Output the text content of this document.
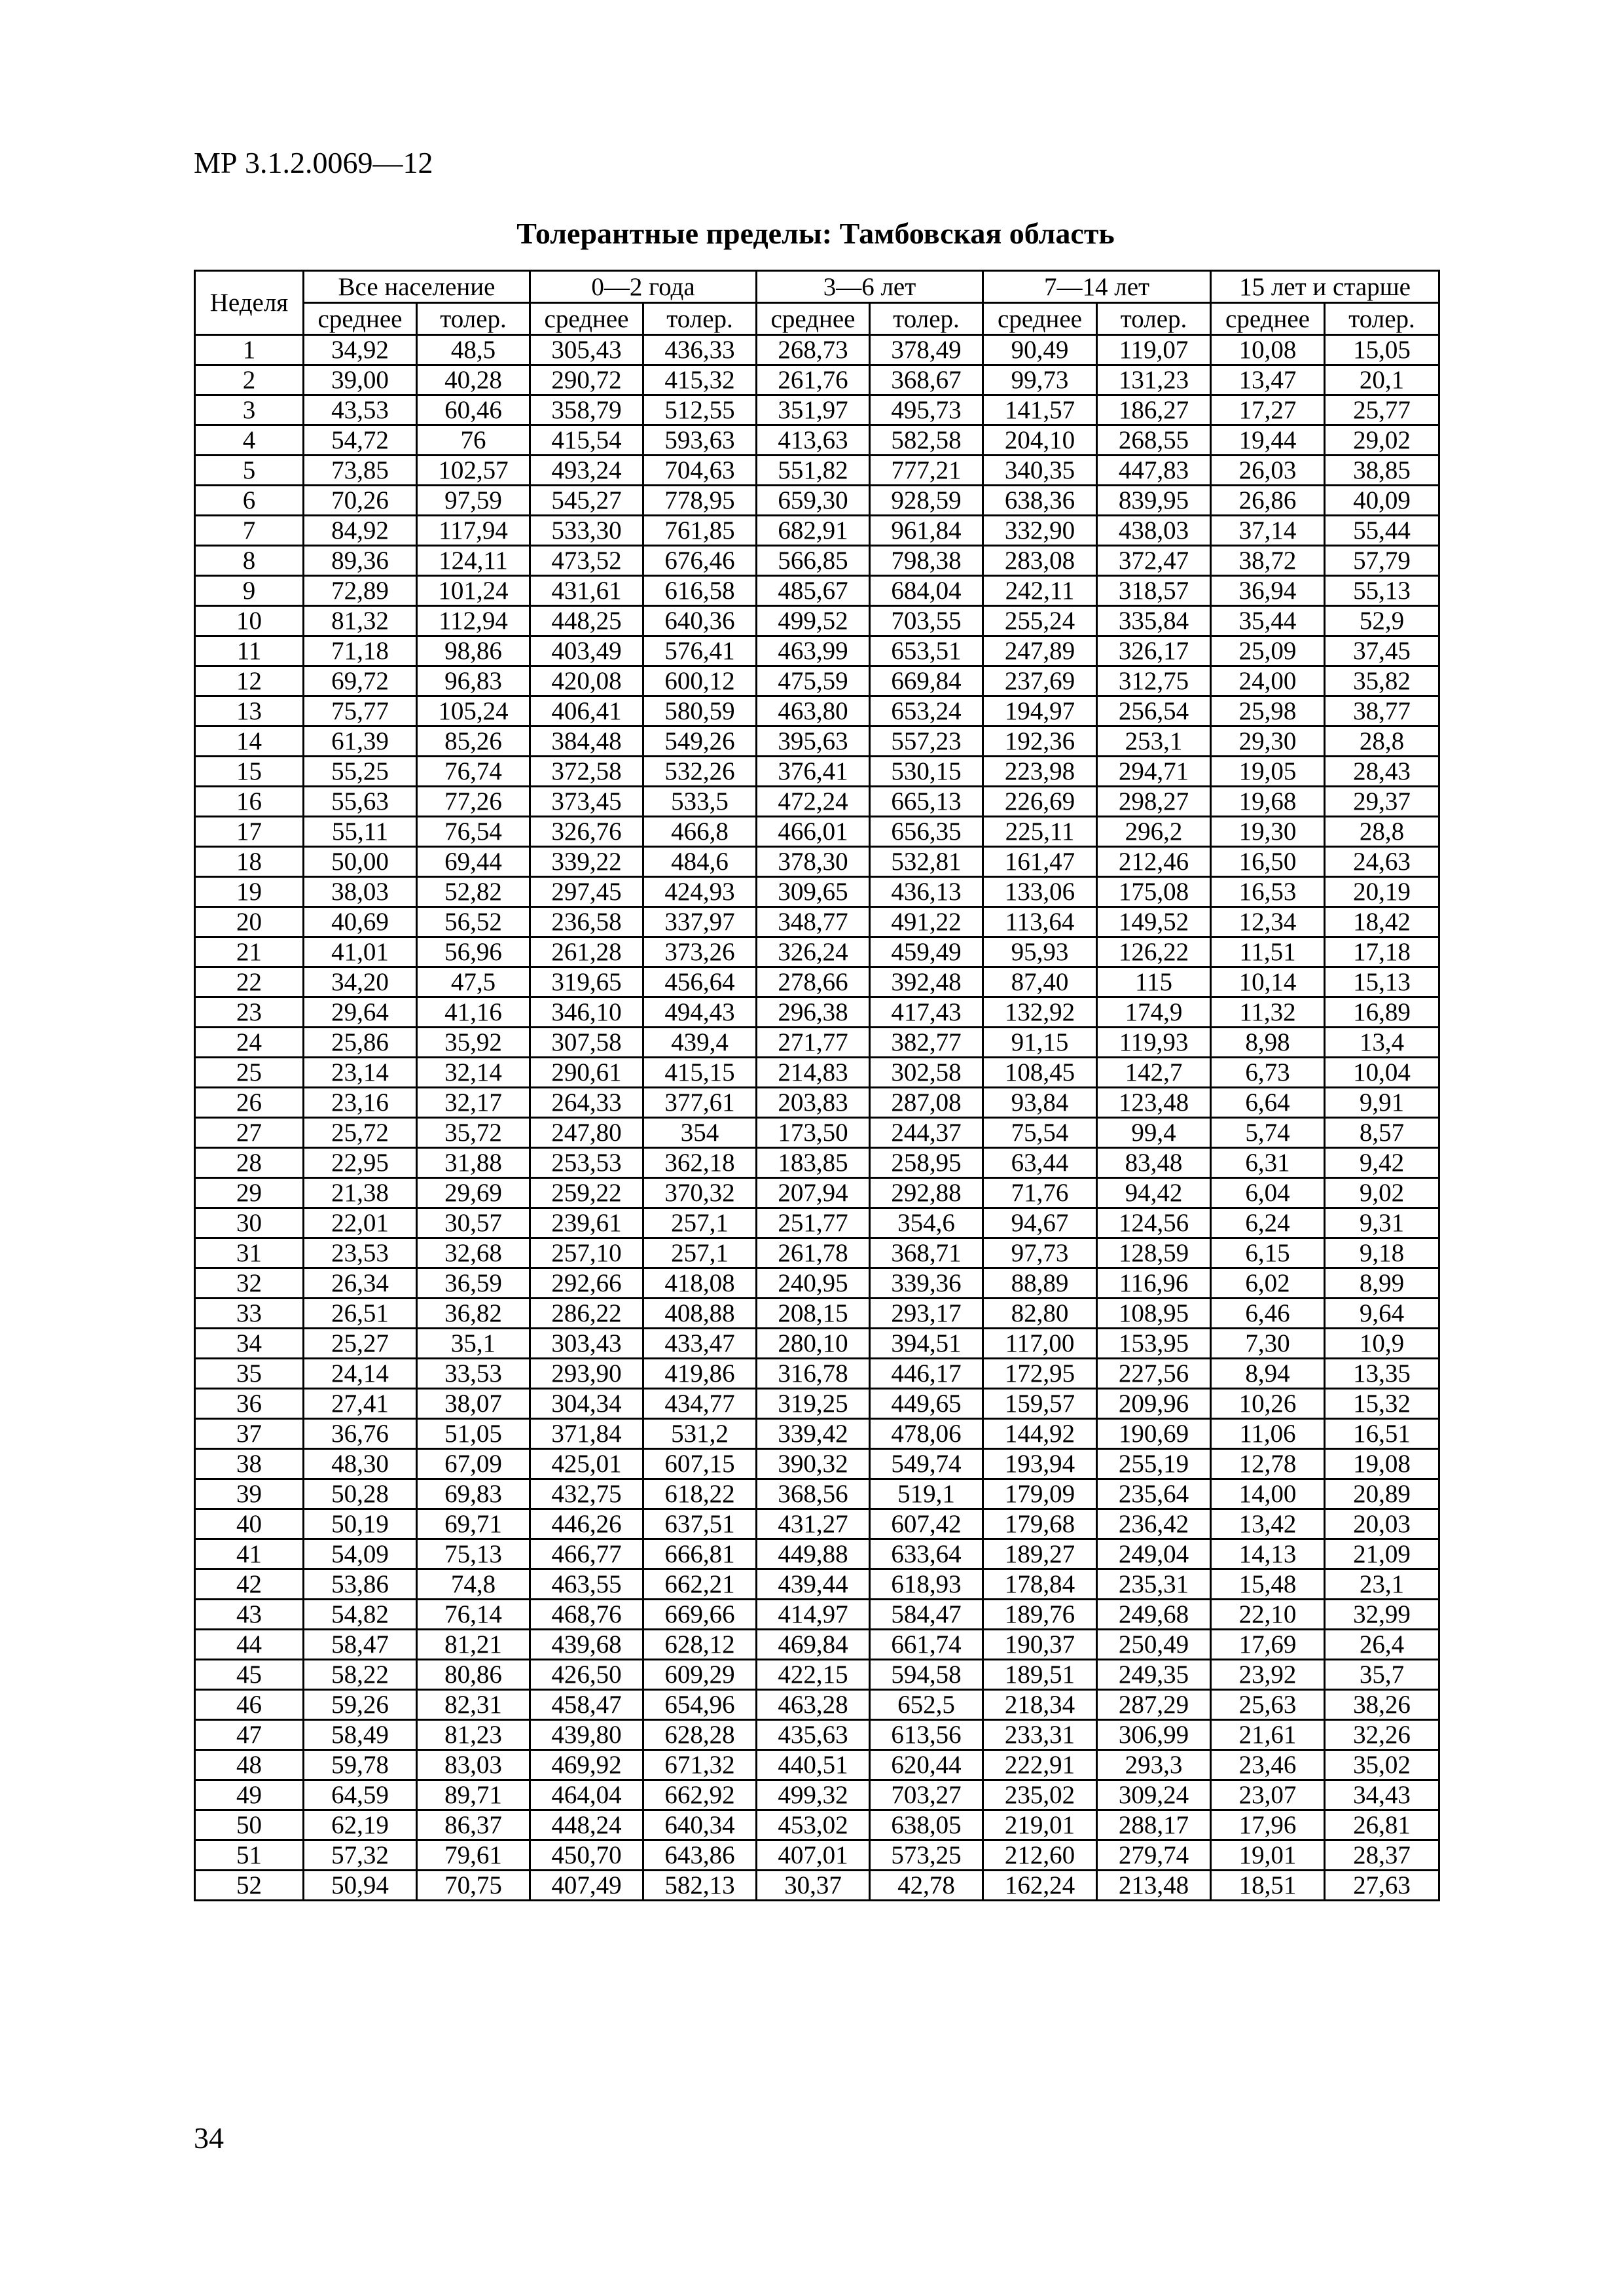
МР 3.1.2.0069—12
Толерантные пределы: Тамбовская область
Неделя	Все население		0—2 года		3—6 лет		7—14 лет		15 лет и старше	
	среднее	толер.	среднее	толер.	среднее	толер.	среднее	толер.	среднее	толер.
1	34,92	48,5	305,43	436,33	268,73	378,49	90,49	119,07	10,08	15,05
2	39,00	40,28	290,72	415,32	261,76	368,67	99,73	131,23	13,47	20,1
3	43,53	60,46	358,79	512,55	351,97	495,73	141,57	186,27	17,27	25,77
4	54,72	76	415,54	593,63	413,63	582,58	204,10	268,55	19,44	29,02
5	73,85	102,57	493,24	704,63	551,82	777,21	340,35	447,83	26,03	38,85
6	70,26	97,59	545,27	778,95	659,30	928,59	638,36	839,95	26,86	40,09
7	84,92	117,94	533,30	761,85	682,91	961,84	332,90	438,03	37,14	55,44
8	89,36	124,11	473,52	676,46	566,85	798,38	283,08	372,47	38,72	57,79
9	72,89	101,24	431,61	616,58	485,67	684,04	242,11	318,57	36,94	55,13
10	81,32	112,94	448,25	640,36	499,52	703,55	255,24	335,84	35,44	52,9
11	71,18	98,86	403,49	576,41	463,99	653,51	247,89	326,17	25,09	37,45
12	69,72	96,83	420,08	600,12	475,59	669,84	237,69	312,75	24,00	35,82
13	75,77	105,24	406,41	580,59	463,80	653,24	194,97	256,54	25,98	38,77
14	61,39	85,26	384,48	549,26	395,63	557,23	192,36	253,1	29,30	28,8
15	55,25	76,74	372,58	532,26	376,41	530,15	223,98	294,71	19,05	28,43
16	55,63	77,26	373,45	533,5	472,24	665,13	226,69	298,27	19,68	29,37
17	55,11	76,54	326,76	466,8	466,01	656,35	225,11	296,2	19,30	28,8
18	50,00	69,44	339,22	484,6	378,30	532,81	161,47	212,46	16,50	24,63
19	38,03	52,82	297,45	424,93	309,65	436,13	133,06	175,08	16,53	20,19
20	40,69	56,52	236,58	337,97	348,77	491,22	113,64	149,52	12,34	18,42
21	41,01	56,96	261,28	373,26	326,24	459,49	95,93	126,22	11,51	17,18
22	34,20	47,5	319,65	456,64	278,66	392,48	87,40	115	10,14	15,13
23	29,64	41,16	346,10	494,43	296,38	417,43	132,92	174,9	11,32	16,89
24	25,86	35,92	307,58	439,4	271,77	382,77	91,15	119,93	8,98	13,4
25	23,14	32,14	290,61	415,15	214,83	302,58	108,45	142,7	6,73	10,04
26	23,16	32,17	264,33	377,61	203,83	287,08	93,84	123,48	6,64	9,91
27	25,72	35,72	247,80	354	173,50	244,37	75,54	99,4	5,74	8,57
28	22,95	31,88	253,53	362,18	183,85	258,95	63,44	83,48	6,31	9,42
29	21,38	29,69	259,22	370,32	207,94	292,88	71,76	94,42	6,04	9,02
30	22,01	30,57	239,61	257,1	251,77	354,6	94,67	124,56	6,24	9,31
31	23,53	32,68	257,10	257,1	261,78	368,71	97,73	128,59	6,15	9,18
32	26,34	36,59	292,66	418,08	240,95	339,36	88,89	116,96	6,02	8,99
33	26,51	36,82	286,22	408,88	208,15	293,17	82,80	108,95	6,46	9,64
34	25,27	35,1	303,43	433,47	280,10	394,51	117,00	153,95	7,30	10,9
35	24,14	33,53	293,90	419,86	316,78	446,17	172,95	227,56	8,94	13,35
36	27,41	38,07	304,34	434,77	319,25	449,65	159,57	209,96	10,26	15,32
37	36,76	51,05	371,84	531,2	339,42	478,06	144,92	190,69	11,06	16,51
38	48,30	67,09	425,01	607,15	390,32	549,74	193,94	255,19	12,78	19,08
39	50,28	69,83	432,75	618,22	368,56	519,1	179,09	235,64	14,00	20,89
40	50,19	69,71	446,26	637,51	431,27	607,42	179,68	236,42	13,42	20,03
41	54,09	75,13	466,77	666,81	449,88	633,64	189,27	249,04	14,13	21,09
42	53,86	74,8	463,55	662,21	439,44	618,93	178,84	235,31	15,48	23,1
43	54,82	76,14	468,76	669,66	414,97	584,47	189,76	249,68	22,10	32,99
44	58,47	81,21	439,68	628,12	469,84	661,74	190,37	250,49	17,69	26,4
45	58,22	80,86	426,50	609,29	422,15	594,58	189,51	249,35	23,92	35,7
46	59,26	82,31	458,47	654,96	463,28	652,5	218,34	287,29	25,63	38,26
47	58,49	81,23	439,80	628,28	435,63	613,56	233,31	306,99	21,61	32,26
48	59,78	83,03	469,92	671,32	440,51	620,44	222,91	293,3	23,46	35,02
49	64,59	89,71	464,04	662,92	499,32	703,27	235,02	309,24	23,07	34,43
50	62,19	86,37	448,24	640,34	453,02	638,05	219,01	288,17	17,96	26,81
51	57,32	79,61	450,70	643,86	407,01	573,25	212,60	279,74	19,01	28,37
52	50,94	70,75	407,49	582,13	30,37	42,78	162,24	213,48	18,51	27,63
34
